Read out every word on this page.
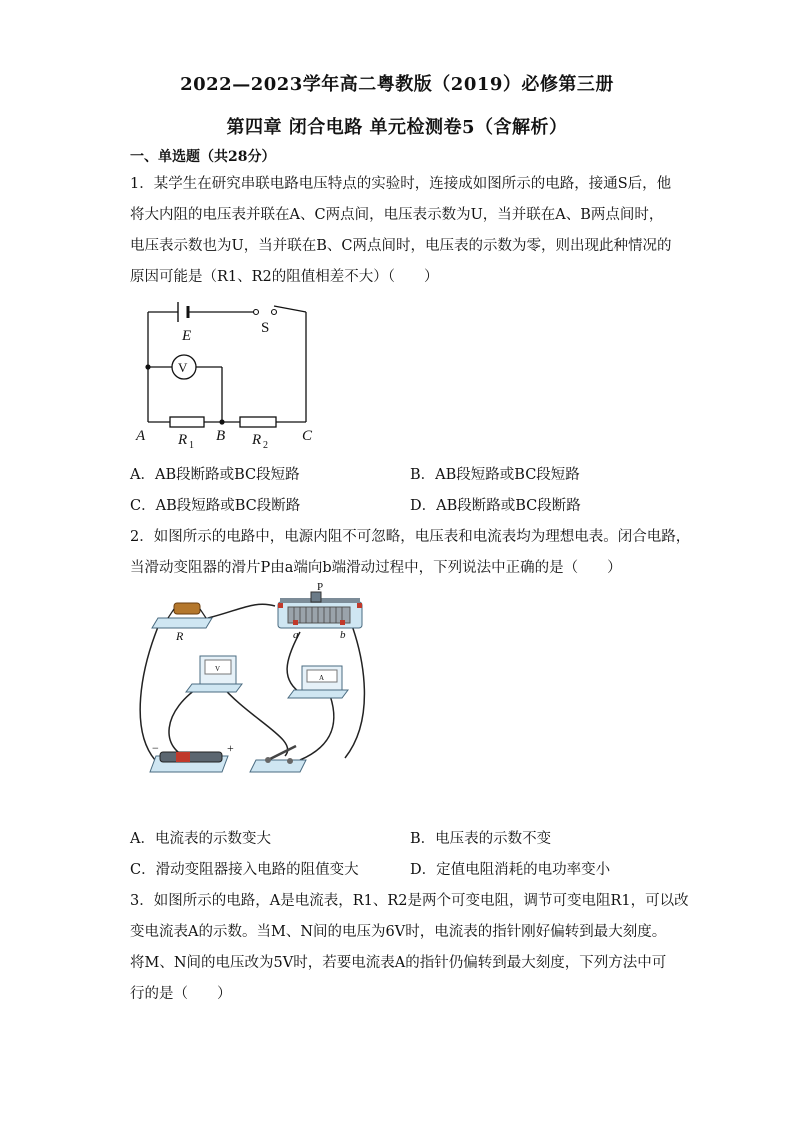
2022—2023学年高二粤教版（2019）必修第三册
第四章 闭合电路 单元检测卷5（含解析）
一、单选题（共28分）
1．某学生在研究串联电路电压特点的实验时，连接成如图所示的电路，接通S后，他
将大内阻的电压表并联在A、C两点间，电压表示数为U，当并联在A、B两点间时，
电压表示数也为U，当并联在B、C两点间时，电压表的示数为零，则出现此种情况的
原因可能是（R1、R2的阻值相差不大）（　　）
E	S
V
A	B	C
R 1	R 2
A．AB段断路或BC段短路	B．AB段短路或BC段短路
C．AB段短路或BC段断路	D．AB段断路或BC段断路
2．如图所示的电路中，电源内阻不可忽略，电压表和电流表均为理想电表。闭合电路，
当滑动变阻器的滑片P由a端向b端滑动过程中，下列说法中正确的是（　　）
R
P
a	b
V
A
−	+
A．电流表的示数变大	B．电压表的示数不变
C．滑动变阻器接入电路的阻值变大	D．定值电阻消耗的电功率变小
3．如图所示的电路，A是电流表，R1、R2是两个可变电阻，调节可变电阻R1，可以改
变电流表A的示数。当M、N间的电压为6V时，电流表的指针刚好偏转到最大刻度。
将M、N间的电压改为5V时，若要电流表A的指针仍偏转到最大刻度，下列方法中可
行的是（　　）
